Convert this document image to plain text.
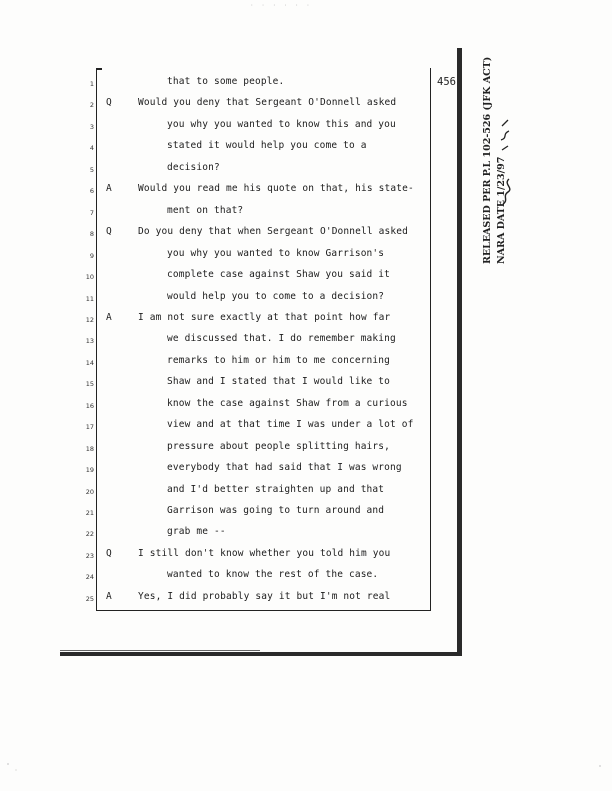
· · · · · ·
456	RELEASED PER P.L 102-526 (JFK ACT) NARA DATE 1/23/97
1	that to some people.
2 Q	Would you deny that Sergeant O'Donnell asked
3	you why you wanted to know this and you
4	stated it would help you come to a
5	decision?
6 A	Would you read me his quote on that, his state-
7	ment on that?
8 Q	Do you deny that when Sergeant O'Donnell asked
9	you why you wanted to know Garrison's
10	complete case against Shaw you said it
11	would help you to come to a decision?
12 A	I am not sure exactly at that point how far
13	we discussed that. I do remember making
14	remarks to him or him to me concerning
15	Shaw and I stated that I would like to
16	know the case against Shaw from a curious
17	view and at that time I was under a lot of
18	pressure about people splitting hairs,
19	everybody that had said that I was wrong
20	and I'd better straighten up and that
21	Garrison was going to turn around and
22	grab me --
23 Q	I still don't know whether you told him you
24	wanted to know the rest of the case.
25 A	Yes, I did probably say it but I'm not real
